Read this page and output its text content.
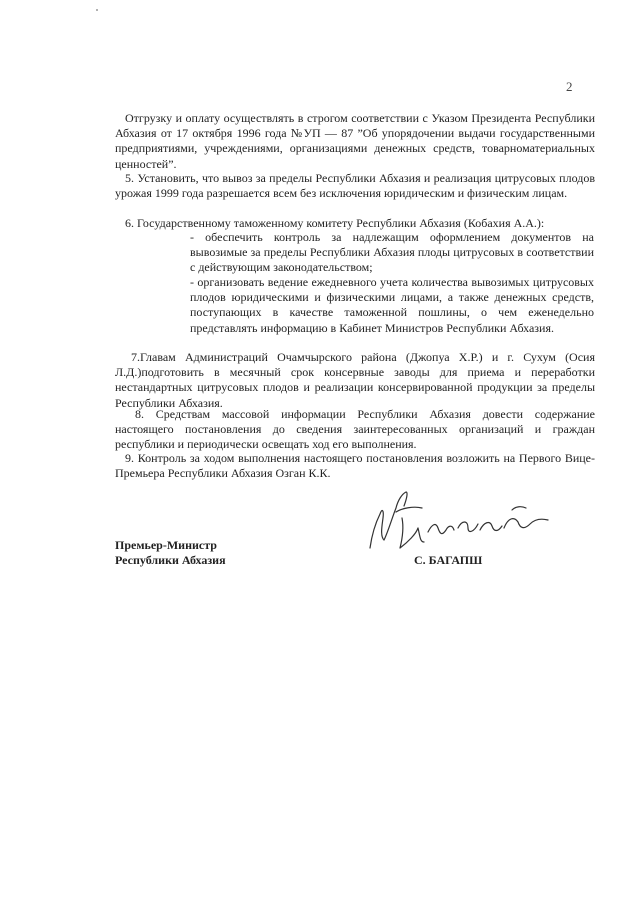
2
Отгрузку и оплату осуществлять в строгом соответствии с Указом Президента Республики Абхазия от 17 октября 1996 года №УП — 87 ”Об упорядочении выдачи государственными предприятиями, учреждениями, организациями денежных средств, товарноматериальных ценностей”.
5. Установить, что вывоз за пределы Республики Абхазия и реализация цитрусовых плодов урожая 1999 года разрешается всем без исключения юридическим и физическим лицам.
6. Государственному таможенному комитету Республики Абхазия (Кобахия А.А.):
- обеспечить контроль за надлежащим оформлением документов на вывозимые за пределы Республики Абхазия плоды цитрусовых в соответствии с действующим законодательством;
- организовать ведение ежедневного учета количества вывозимых цитрусовых плодов юридическими и физическими лицами, а также денежных средств, поступающих в качестве таможенной пошлины, о чем еженедельно представлять информацию в Кабинет Министров Республики Абхазия.
7.Главам Администраций Очамчырского района (Джопуа Х.Р.) и г. Сухум (Осия Л.Д.)подготовить в месячный срок консервные заводы для приема и переработки нестандартных цитрусовых плодов и реализации консервированной продукции за пределы Республики Абхазия.
8. Средствам массовой информации Республики Абхазия довести содержание настоящего постановления до сведения заинтересованных организаций и граждан республики и периодически освещать ход его выполнения.
9. Контроль за ходом выполнения настоящего постановления возложить на Первого Вице-Премьера Республики Абхазия Озган К.К.
Премьер-Министр
Республики Абхазия	С. БАГАПШ
